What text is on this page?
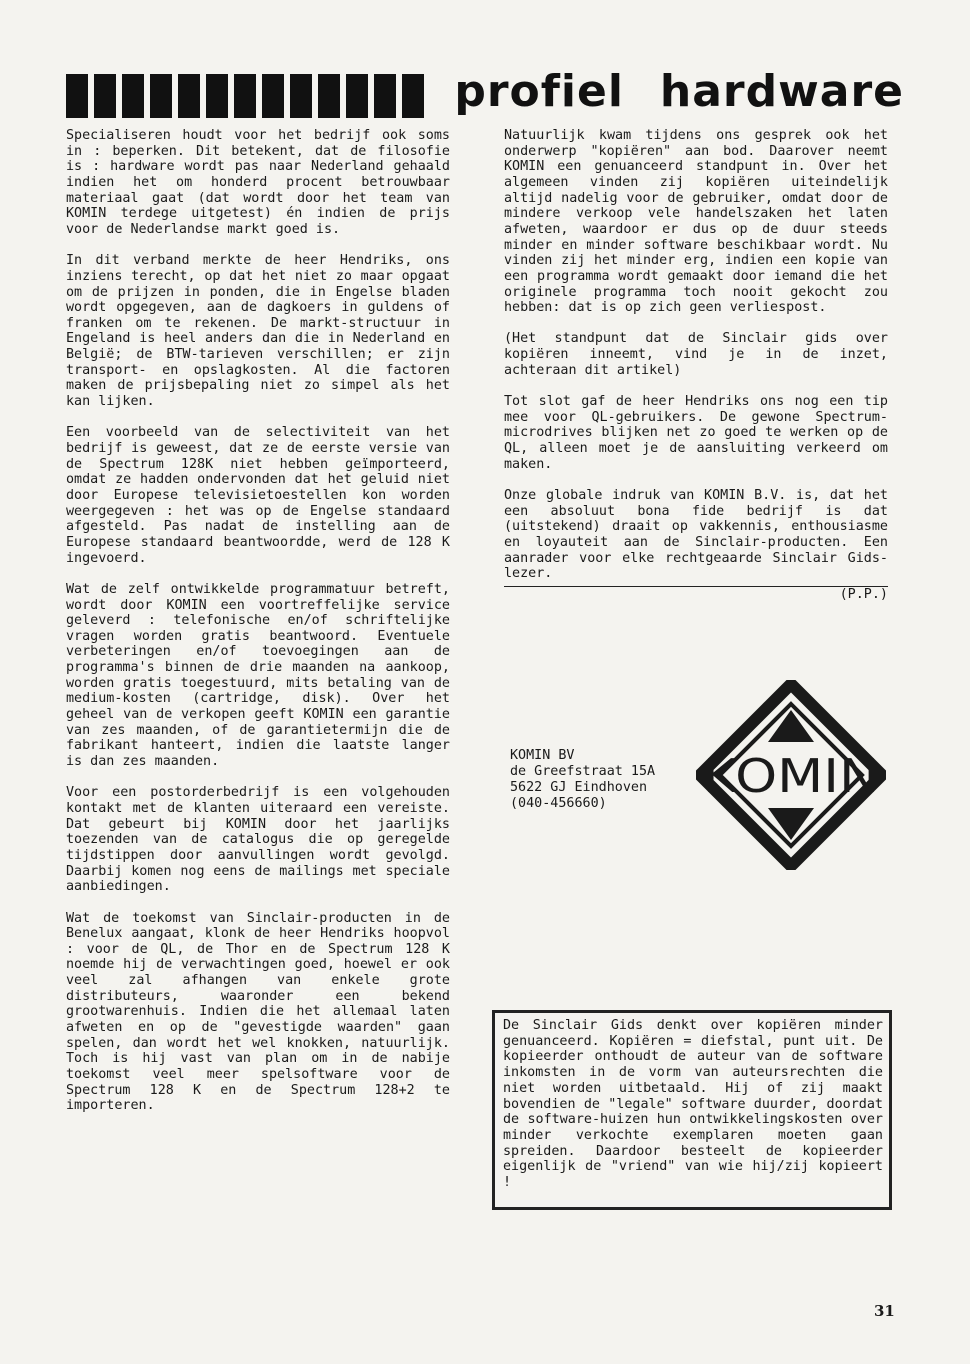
profiel hardware

Specialiseren houdt voor het bedrijf ook soms in : beperken. Dit betekent, dat de filosofie is : hardware wordt pas naar Nederland gehaald indien het om honderd procent betrouwbaar materiaal gaat (dat wordt door het team van KOMIN terdege uitgetest) én indien de prijs voor de Nederlandse markt goed is.

In dit verband merkte de heer Hendriks, ons inziens terecht, op dat het niet zo maar opgaat om de prijzen in ponden, die in Engelse bladen wordt opgegeven, aan de dagkoers in guldens of franken om te rekenen. De markt-structuur in Engeland is heel anders dan die in Nederland en België; de BTW-tarieven verschillen; er zijn transport- en opslagkosten. Al die factoren maken de prijsbepaling niet zo simpel als het kan lijken.

Een voorbeeld van de selectiviteit van het bedrijf is geweest, dat ze de eerste versie van de Spectrum 128K niet hebben geïmporteerd, omdat ze hadden ondervonden dat het geluid niet door Europese televisietoestellen kon worden weergegeven : het was op de Engelse standaard afgesteld. Pas nadat de instelling aan de Europese standaard beantwoordde, werd de 128 K ingevoerd.

Wat de zelf ontwikkelde programmatuur betreft, wordt door KOMIN een voortreffelijke service geleverd : telefonische en/of schriftelijke vragen worden gratis beantwoord. Eventuele verbeteringen en/of toevoegingen aan de programma's binnen de drie maanden na aankoop, worden gratis toegestuurd, mits betaling van de medium-kosten (cartridge, disk). Over het geheel van de verkopen geeft KOMIN een garantie van zes maanden, of de garantietermijn die de fabrikant hanteert, indien die laatste langer is dan zes maanden.

Voor een postorderbedrijf is een volgehouden kontakt met de klanten uiteraard een vereiste. Dat gebeurt bij KOMIN door het jaarlijks toezenden van de catalogus die op geregelde tijdstippen door aanvullingen wordt gevolgd. Daarbij komen nog eens de mailings met speciale aanbiedingen.

Wat de toekomst van Sinclair-producten in de Benelux aangaat, klonk de heer Hendriks hoopvol : voor de QL, de Thor en de Spectrum 128 K noemde hij de verwachtingen goed, hoewel er ook veel zal afhangen van enkele grote distributeurs, waaronder een bekend grootwarenhuis. Indien die het allemaal laten afweten en op de "gevestigde waarden" gaan spelen, dan wordt het wel knokken, natuurlijk. Toch is hij vast van plan om in de nabije toekomst veel meer spelsoftware voor de Spectrum 128 K en de Spectrum 128+2 te importeren.

Natuurlijk kwam tijdens ons gesprek ook het onderwerp "kopiëren" aan bod. Daarover neemt KOMIN een genuanceerd standpunt in. Over het algemeen vinden zij kopiëren uiteindelijk altijd nadelig voor de gebruiker, omdat door de mindere verkoop vele handelszaken het laten afweten, waardoor er dus op de duur steeds minder en minder software beschikbaar wordt. Nu vinden zij het minder erg, indien een kopie van een programma wordt gemaakt door iemand die het originele programma toch nooit gekocht zou hebben: dat is op zich geen verliespost.

(Het standpunt dat de Sinclair gids over kopiëren inneemt, vind je in de inzet, achteraan dit artikel)

Tot slot gaf de heer Hendriks ons nog een tip mee voor QL-gebruikers. De gewone Spectrum-microdrives blijken net zo goed te werken op de QL, alleen moet je de aansluiting verkeerd om maken.

Onze globale indruk van KOMIN B.V. is, dat het een absoluut bona fide bedrijf is dat (uitstekend) draait op vakkennis, enthousiasme en loyauteit aan de Sinclair-producten. Een aanrader voor elke rechtgeaarde Sinclair Gids-lezer.

(P.P.)
KOMIN BV
de Greefstraat 15A
5622 GJ Eindhoven
(040-456660)
KOMIN
De Sinclair Gids denkt over kopiëren minder genuanceerd. Kopiëren = diefstal, punt uit. De kopieerder onthoudt de auteur van de software inkomsten in de vorm van auteursrechten die niet worden uitbetaald. Hij of zij maakt bovendien de "legale" software duurder, doordat de software-huizen hun ontwikkelingskosten over minder verkochte exemplaren moeten gaan spreiden. Daardoor besteelt de kopieerder eigenlijk de "vriend" van wie hij/zij kopieert !
31
